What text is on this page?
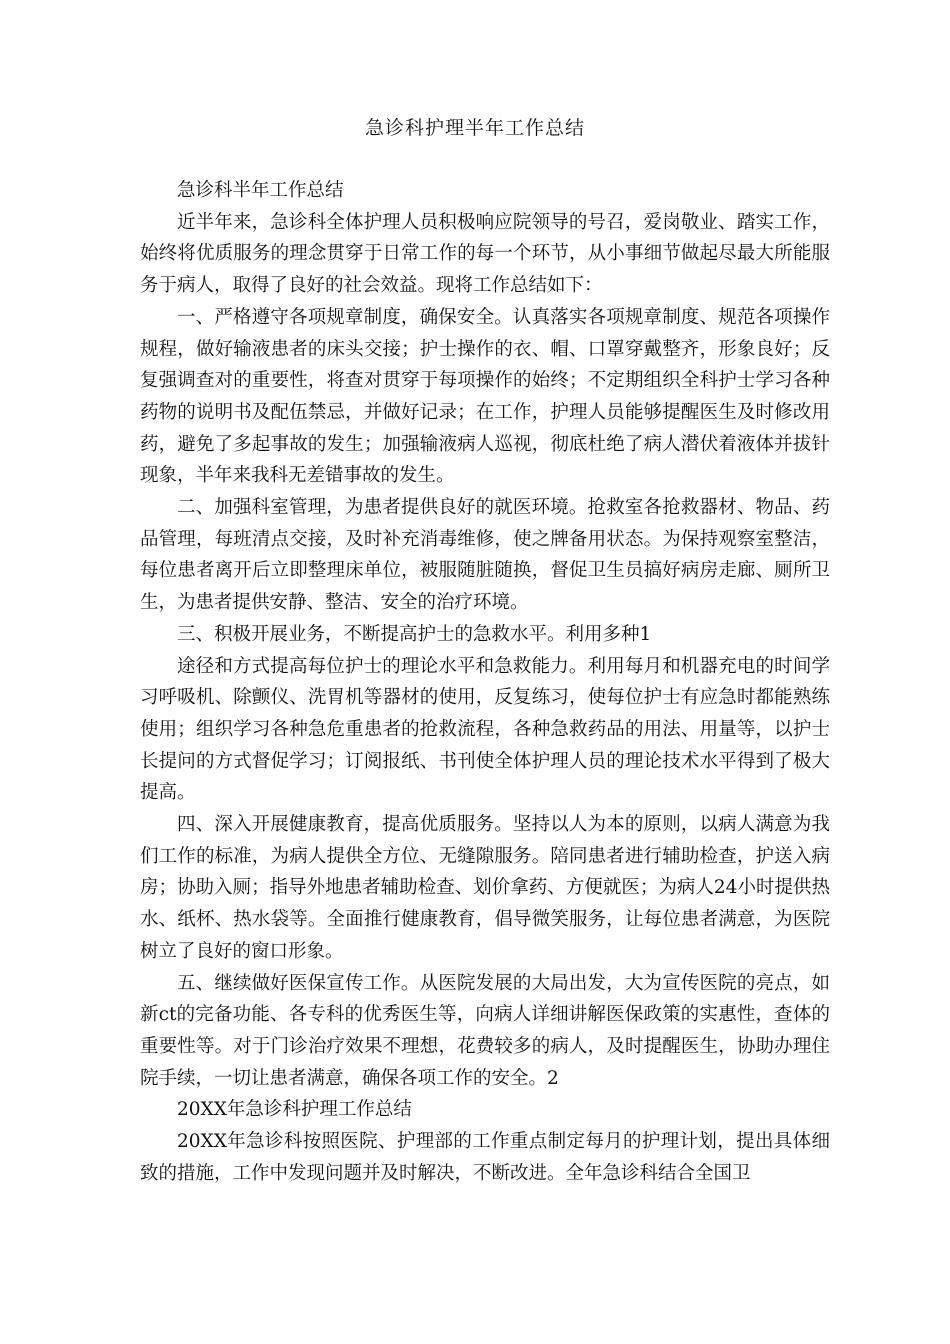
急诊科护理半年工作总结

急诊科半年工作总结

近半年来，急诊科全体护理人员积极响应院领导的号召，爱岗敬业、踏实工作，始终将优质服务的理念贯穿于日常工作的每一个环节，从小事细节做起尽最大所能服务于病人，取得了良好的社会效益。现将工作总结如下：

一、严格遵守各项规章制度，确保安全。认真落实各项规章制度、规范各项操作规程，做好输液患者的床头交接；护士操作的衣、帽、口罩穿戴整齐，形象良好；反复强调查对的重要性，将查对贯穿于每项操作的始终；不定期组织全科护士学习各种药物的说明书及配伍禁忌，并做好记录；在工作，护理人员能够提醒医生及时修改用药，避免了多起事故的发生；加强输液病人巡视，彻底杜绝了病人潜伏着液体并拔针现象，半年来我科无差错事故的发生。

二、加强科室管理，为患者提供良好的就医环境。抢救室各抢救器材、物品、药品管理，每班清点交接，及时补充消毒维修，使之牌备用状态。为保持观察室整洁，每位患者离开后立即整理床单位，被服随脏随换，督促卫生员搞好病房走廊、厕所卫生，为患者提供安静、整洁、安全的治疗环境。

三、积极开展业务，不断提高护士的急救水平。利用多种1

途径和方式提高每位护士的理论水平和急救能力。利用每月和机器充电的时间学习呼吸机、除颤仪、洗胃机等器材的使用，反复练习，使每位护士有应急时都能熟练使用；组织学习各种急危重患者的抢救流程，各种急救药品的用法、用量等，以护士长提问的方式督促学习；订阅报纸、书刊使全体护理人员的理论技术水平得到了极大提高。

四、深入开展健康教育，提高优质服务。坚持以人为本的原则，以病人满意为我们工作的标准，为病人提供全方位、无缝隙服务。陪同患者进行辅助检查，护送入病房；协助入厕；指导外地患者辅助检查、划价拿药、方便就医；为病人24小时提供热水、纸杯、热水袋等。全面推行健康教育，倡导微笑服务，让每位患者满意，为医院树立了良好的窗口形象。

五、继续做好医保宣传工作。从医院发展的大局出发，大为宣传医院的亮点，如新ct的完备功能、各专科的优秀医生等，向病人详细讲解医保政策的实惠性，查体的重要性等。对于门诊治疗效果不理想，花费较多的病人，及时提醒医生，协助办理住院手续，一切让患者满意，确保各项工作的安全。2

20XX年急诊科护理工作总结

20XX年急诊科按照医院、护理部的工作重点制定每月的护理计划，提出具体细致的措施，工作中发现问题并及时解决，不断改进。全年急诊科结合全国卫
